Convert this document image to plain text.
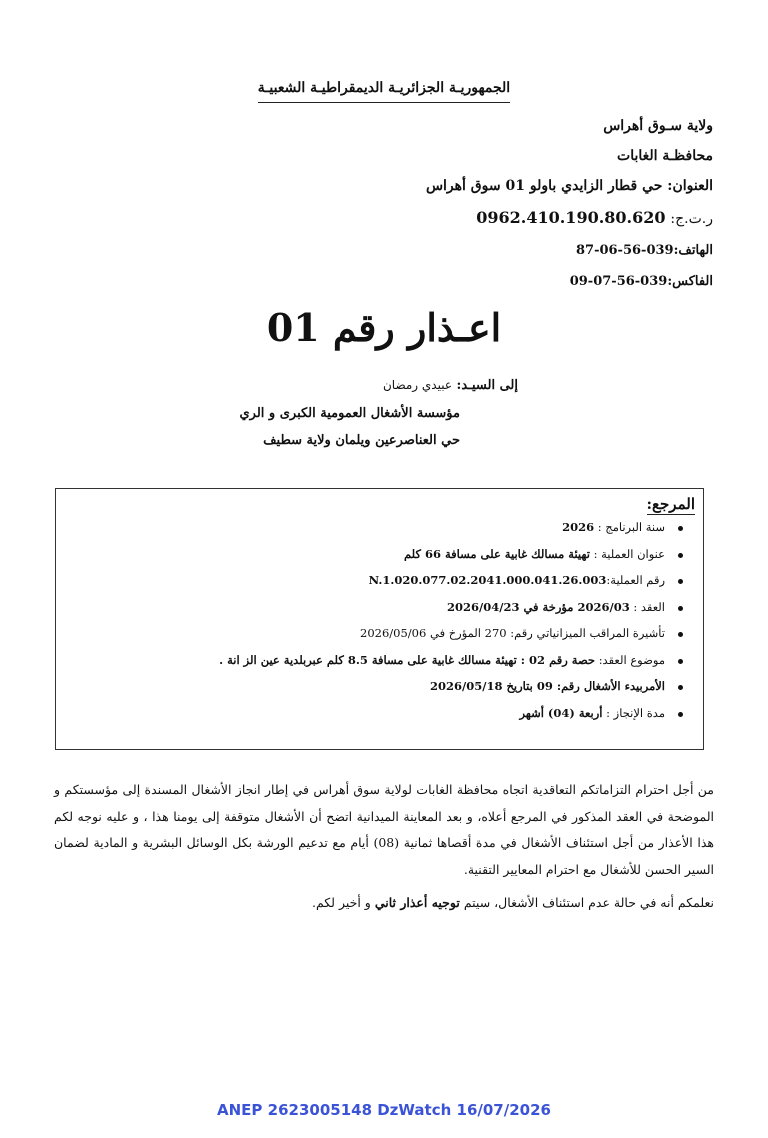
الجمهوريـة الجزائريـة الديمقراطيـة الشعبيـة
ولاية سـوق أهراس
محافظـة الغابات
العنوان: حي قطار الزايدي باولو 01 سوق أهراس
ر.ت.ج: 0962.410.190.80.620
الهاتف:87-06-56-039
الفاكس:09-07-56-039
اعـذار رقم 01
إلى السيـد: عبيدي رمضان
مؤسسة الأشغال العمومية الكبرى و الري
حي العناصرعين ويلمان ولاية سطيف
المرجع:
سنة البرنامج : 2026
عنوان العملية : تهيئة مسالك غابية على مسافة 66 كلم
رقم العملية:N.1.020.077.02.2041.000.041.26.003
العقد : 2026/03 مؤرخة في 2026/04/23
تأشيرة المراقب الميزانياتي رقم: 270 المؤرخ في 2026/05/06
موضوع العقد: حصة رقم 02 : تهيئة مسالك غابية على مسافة 8.5 كلم عبربلدية عين الز انة .
الأمربيدء الأشغال رقم: 09 بتاريخ 2026/05/18
مدة الإنجاز : أربعة (04) أشهر

من أجل احترام التزاماتكم التعاقدية اتجاه محافظة الغابات لولاية سوق أهراس في إطار انجاز الأشغال المسندة إلى مؤسستكم و الموضحة في العقد المذكور في المرجع أعلاه، و بعد المعاينة الميدانية اتضح أن الأشغال متوقفة إلى يومنا هذا ، و عليه نوجه لكم هذا الأعذار من أجل استئناف الأشغال في مدة أقصاها ثمانية (08) أيام مع تدعيم الورشة بكل الوسائل البشرية و المادية لضمان السير الحسن للأشغال مع احترام المعايير التقنية.

نعلمكم أنه في حالة عدم استئناف الأشغال، سيتم توجيه أعذار ثاني و أخير لكم.
ANEP 2623005148 DzWatch 16/07/2026
